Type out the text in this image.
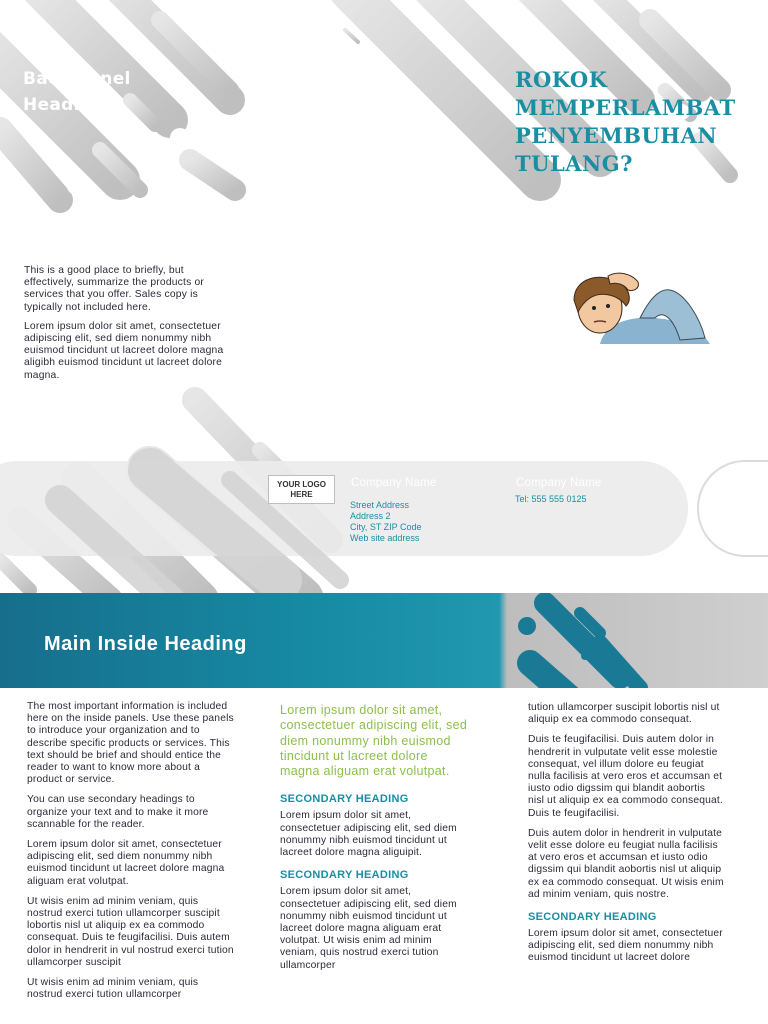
Back Panel Heading
ROKOK MEMPERLAMBAT PENYEMBUHAN TULANG?

This is a good place to briefly, but effectively, summarize the products or services that you offer. Sales copy is typically not included here.

Lorem ipsum dolor sit amet, consectetuer adipiscing elit, sed diem nonummy nibh euismod tincidunt ut lacreet dolore magna aligibh euismod tincidunt ut lacreet dolore magna.

YOUR LOGO HERE

Company Name	Company Name

Street Address
Address 2
City, ST ZIP Code
Web site address
Tel: 555 555 0125
Main Inside Heading

The most important information is included here on the inside panels. Use these panels to introduce your organization and to describe specific products or services. This text should be brief and should entice the reader to want to know more about a product or service.

You can use secondary headings to organize your text and to make it more scannable for the reader.

Lorem ipsum dolor sit amet, consectetuer adipiscing elit, sed diem nonummy nibh euismod tincidunt ut lacreet dolore magna aliguam erat volutpat.

Ut wisis enim ad minim veniam, quis nostrud exerci tution ullamcorper suscipit lobortis nisl ut aliquip ex ea commodo consequat. Duis te feugifacilisi. Duis autem dolor in hendrerit in vul nostrud exerci tution ullamcorper suscipit

Ut wisis enim ad minim veniam, quis nostrud exerci tution ullamcorper

Lorem ipsum dolor sit amet, consectetuer adipiscing elit, sed diem nonummy nibh euismod tincidunt ut lacreet dolore magna aliguam erat volutpat.

SECONDARY HEADING

Lorem ipsum dolor sit amet, consectetuer adipiscing elit, sed diem nonummy nibh euismod tincidunt ut lacreet dolore magna aliguipit.

SECONDARY HEADING

Lorem ipsum dolor sit amet, consectetuer adipiscing elit, sed diem nonummy nibh euismod tincidunt ut lacreet dolore magna aliguam erat volutpat. Ut wisis enim ad minim veniam, quis nostrud exerci tution ullamcorper

tution ullamcorper suscipit lobortis nisl ut aliquip ex ea commodo consequat.

Duis te feugifacilisi. Duis autem dolor in hendrerit in vulputate velit esse molestie consequat, vel illum dolore eu feugiat nulla facilisis at vero eros et accumsan et iusto odio digssim qui blandit aobortis nisl ut aliquip ex ea commodo consequat. Duis te feugifacilisi.

Duis autem dolor in hendrerit in vulputate velit esse dolore eu feugiat nulla facilisis at vero eros et accumsan et iusto odio digssim qui blandit aobortis nisl ut aliquip ex ea commodo consequat. Ut wisis enim ad minim veniam, quis nostre.

SECONDARY HEADING

Lorem ipsum dolor sit amet, consectetuer adipiscing elit, sed diem nonummy nibh euismod tincidunt ut lacreet dolore
